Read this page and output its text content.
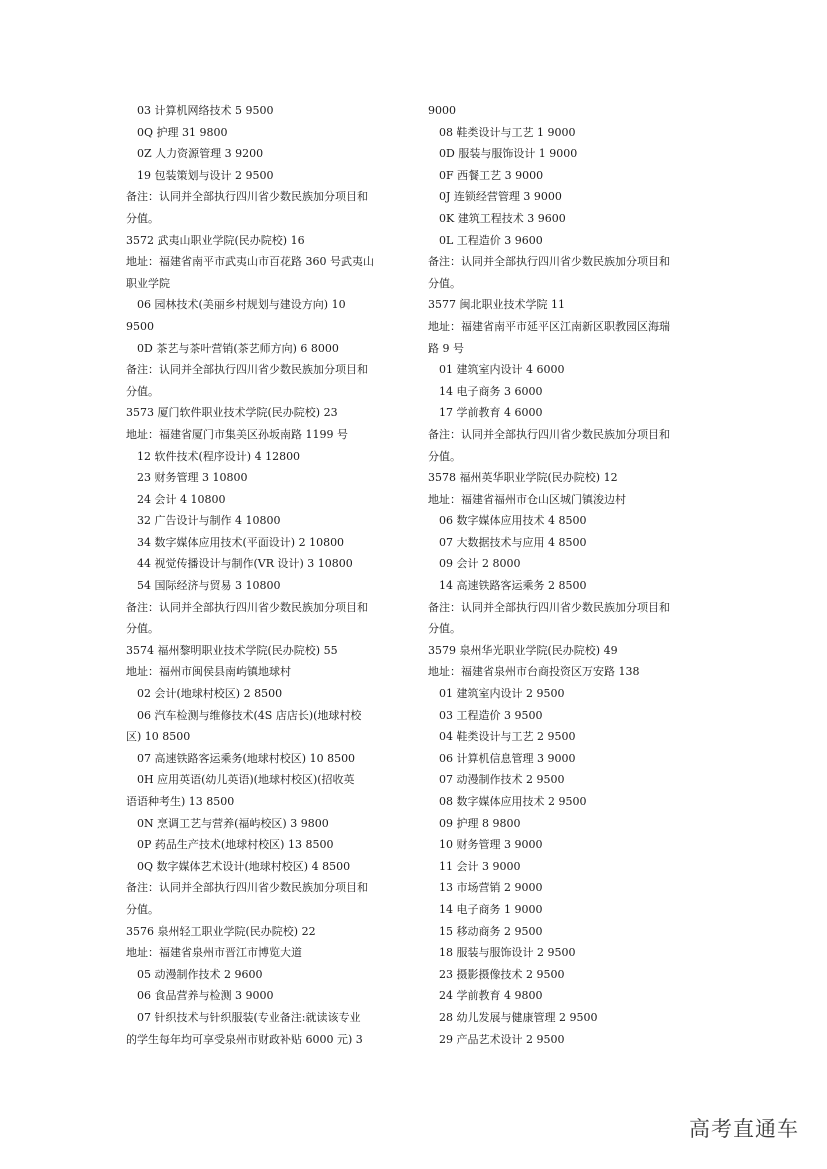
03 计算机网络技术 5 9500
0Q 护理 31 9800
0Z 人力资源管理 3 9200
19 包装策划与设计 2 9500
备注：认同并全部执行四川省少数民族加分项目和
分值。
3572 武夷山职业学院(民办院校) 16
地址：福建省南平市武夷山市百花路 360 号武夷山
职业学院
06 园林技术(美丽乡村规划与建设方向) 10
9500
0D 茶艺与茶叶营销(茶艺师方向) 6 8000
备注：认同并全部执行四川省少数民族加分项目和
分值。
3573 厦门软件职业技术学院(民办院校) 23
地址：福建省厦门市集美区孙坂南路 1199 号
12 软件技术(程序设计) 4 12800
23 财务管理 3 10800
24 会计 4 10800
32 广告设计与制作 4 10800
34 数字媒体应用技术(平面设计) 2 10800
44 视觉传播设计与制作(VR 设计) 3 10800
54 国际经济与贸易 3 10800
备注：认同并全部执行四川省少数民族加分项目和
分值。
3574 福州黎明职业技术学院(民办院校) 55
地址：福州市闽侯县南屿镇地球村
02 会计(地球村校区) 2 8500
06 汽车检测与维修技术(4S 店店长)(地球村校
区) 10 8500
07 高速铁路客运乘务(地球村校区) 10 8500
0H 应用英语(幼儿英语)(地球村校区)(招收英
语语种考生) 13 8500
0N 烹调工艺与营养(福屿校区) 3 9800
0P 药品生产技术(地球村校区) 13 8500
0Q 数字媒体艺术设计(地球村校区) 4 8500
备注：认同并全部执行四川省少数民族加分项目和
分值。
3576 泉州轻工职业学院(民办院校) 22
地址：福建省泉州市晋江市博览大道
05 动漫制作技术 2 9600
06 食品营养与检测 3 9000
07 针织技术与针织服装(专业备注:就读该专业
的学生每年均可享受泉州市财政补贴 6000 元) 3
9000
08 鞋类设计与工艺 1 9000
0D 服装与服饰设计 1 9000
0F 西餐工艺 3 9000
0J 连锁经营管理 3 9000
0K 建筑工程技术 3 9600
0L 工程造价 3 9600
备注：认同并全部执行四川省少数民族加分项目和
分值。
3577 闽北职业技术学院 11
地址：福建省南平市延平区江南新区职教园区海瑞
路 9 号
01 建筑室内设计 4 6000
14 电子商务 3 6000
17 学前教育 4 6000
备注：认同并全部执行四川省少数民族加分项目和
分值。
3578 福州英华职业学院(民办院校) 12
地址：福建省福州市仓山区城门镇浚边村
06 数字媒体应用技术 4 8500
07 大数据技术与应用 4 8500
09 会计 2 8000
14 高速铁路客运乘务 2 8500
备注：认同并全部执行四川省少数民族加分项目和
分值。
3579 泉州华光职业学院(民办院校) 49
地址：福建省泉州市台商投资区万安路 138
01 建筑室内设计 2 9500
03 工程造价 3 9500
04 鞋类设计与工艺 2 9500
06 计算机信息管理 3 9000
07 动漫制作技术 2 9500
08 数字媒体应用技术 2 9500
09 护理 8 9800
10 财务管理 3 9000
11 会计 3 9000
13 市场营销 2 9000
14 电子商务 1 9000
15 移动商务 2 9500
18 服装与服饰设计 2 9500
23 摄影摄像技术 2 9500
24 学前教育 4 9800
28 幼儿发展与健康管理 2 9500
29 产品艺术设计 2 9500
高考直通车
